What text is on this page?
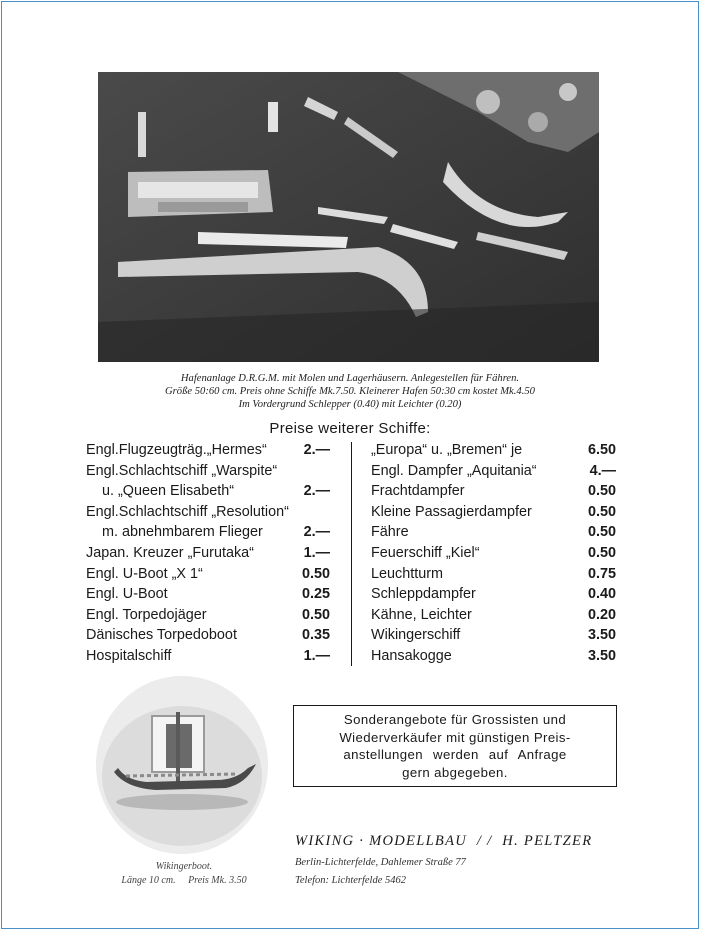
Hafenanlage D.R.G.M. mit Molen und Lagerhäusern. Anlegestellen für Fähren.
Größe 50:60 cm. Preis ohne Schiffe Mk.7.50. Kleinerer Hafen 50:30 cm kostet Mk.4.50
Im Vordergrund Schlepper (0.40) mit Leichter (0.20)
Preise weiterer Schiffe:
Engl.Flugzeugträg.„Hermes“	2.—
Engl.Schlachtschiff „Warspite“
u. „Queen Elisabeth“	2.—
Engl.Schlachtschiff „Resolution“
m. abnehmbarem Flieger	2.—
Japan. Kreuzer „Furutaka“	1.—
Engl. U-Boot „X 1“	0.50
Engl. U-Boot	0.25
Engl. Torpedojäger	0.50
Dänisches Torpedoboot	0.35
Hospitalschiff	1.—
„Europa“ u. „Bremen“ je	6.50
Engl. Dampfer „Aquitania“	4.—
Frachtdampfer	0.50
Kleine Passagierdampfer	0.50
Fähre	0.50
Feuerschiff „Kiel“	0.50
Leuchtturm	0.75
Schleppdampfer	0.40
Kähne, Leichter	0.20
Wikingerschiff	3.50
Hansakogge	3.50
Wikingerboot.
Länge 10 cm.     Preis Mk. 3.50
Sonderangebote für Grossisten und
Wiederverkäufer mit günstigen Preis-
anstellungen werden auf Anfrage
gern abgegeben.
WIKING · MODELLBAU  / /  H. PELTZER
Berlin-Lichterfelde, Dahlemer Straße 77
Telefon: Lichterfelde 5462
